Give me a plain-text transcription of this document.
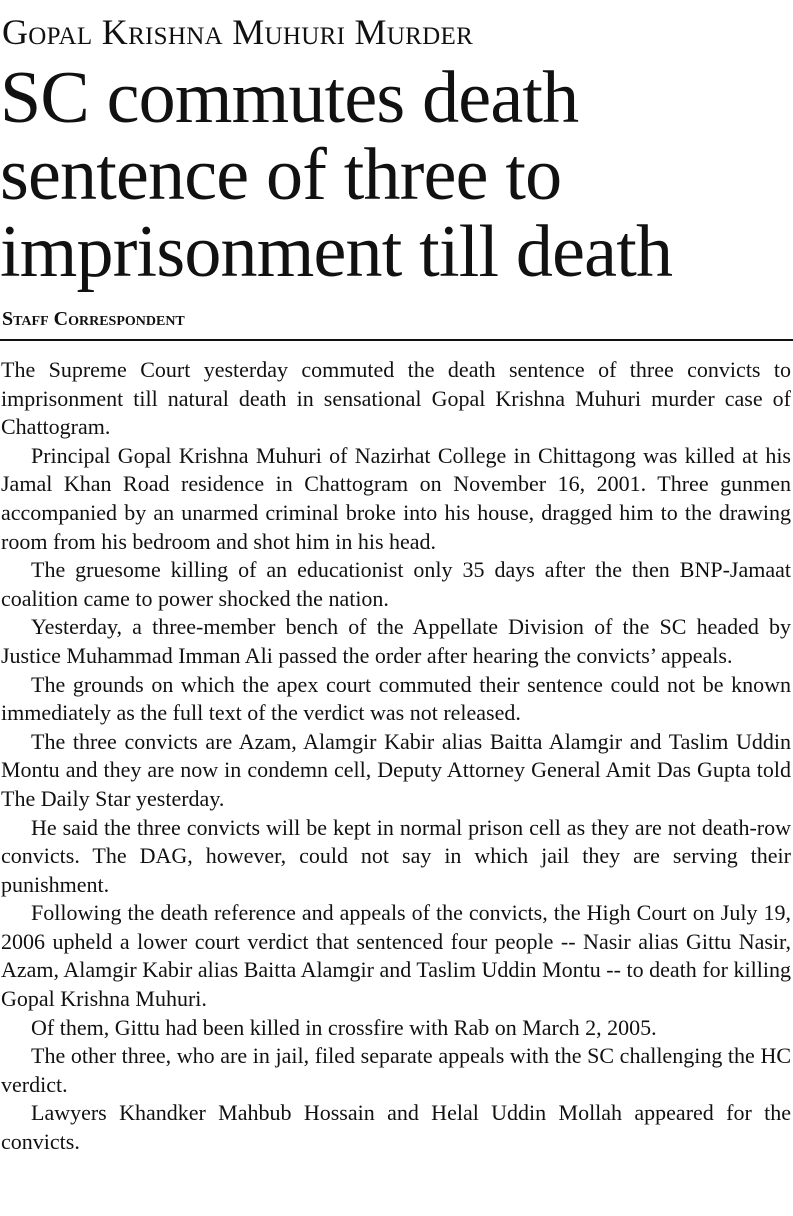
Gopal Krishna Muhuri Murder
SC commutes death
sentence of three to
imprisonment till death
Staff Correspondent

The Supreme Court yesterday commuted the death sentence of three convicts to imprisonment till natural death in sensational Gopal Krishna Muhuri murder case of Chattogram.

Principal Gopal Krishna Muhuri of Nazirhat College in Chittagong was killed at his Jamal Khan Road residence in Chattogram on November 16, 2001. Three gunmen accompanied by an unarmed criminal broke into his house, dragged him to the drawing room from his bedroom and shot him in his head.

The gruesome killing of an educationist only 35 days after the then BNP-Jamaat coalition came to power shocked the nation.

Yesterday, a three-member bench of the Appellate Division of the SC headed by Justice Muhammad Imman Ali passed the order after hearing the convicts’ appeals.

The grounds on which the apex court commuted their sentence could not be known immediately as the full text of the verdict was not released.

The three convicts are Azam, Alamgir Kabir alias Baitta Alamgir and Taslim Uddin Montu and they are now in condemn cell, Deputy Attorney General Amit Das Gupta told The Daily Star yesterday.

He said the three convicts will be kept in normal prison cell as they are not death-row convicts. The DAG, however, could not say in which jail they are serving their punishment.

Following the death reference and appeals of the convicts, the High Court on July 19, 2006 upheld a lower court verdict that sentenced four people -- Nasir alias Gittu Nasir, Azam, Alamgir Kabir alias Baitta Alamgir and Taslim Uddin Montu -- to death for killing Gopal Krishna Muhuri.

Of them, Gittu had been killed in crossfire with Rab on March 2, 2005.

The other three, who are in jail, filed separate appeals with the SC challenging the HC verdict.

Lawyers Khandker Mahbub Hossain and Helal Uddin Mollah appeared for the convicts.
